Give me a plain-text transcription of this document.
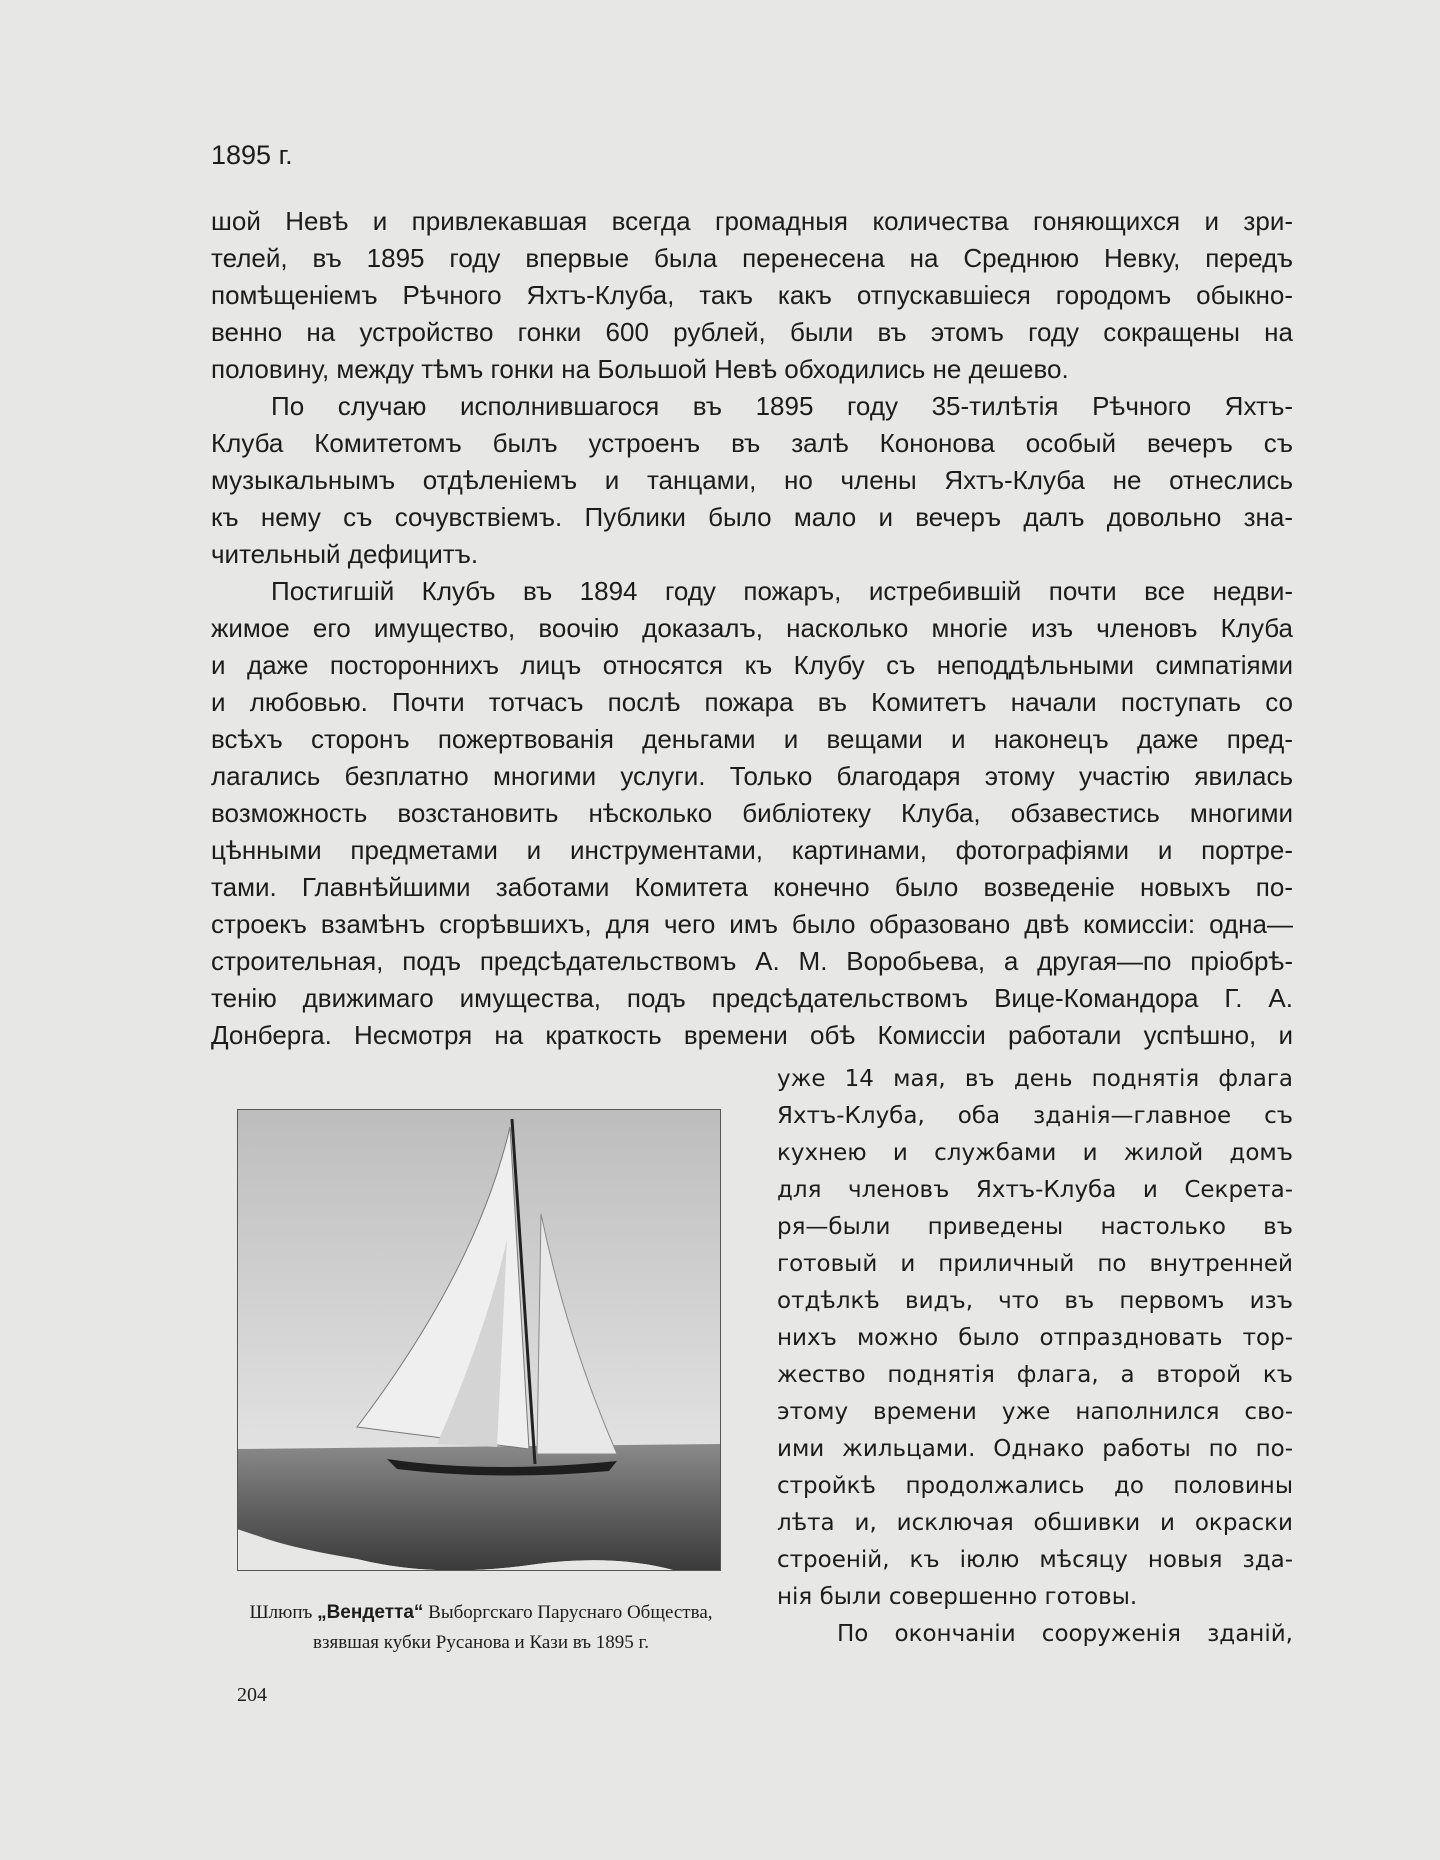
1895 г.
шой Невѣ и привлекавшая всегда громадныя количества гоняющихся и зри-
телей, въ 1895 году впервые была перенесена на Среднюю Невку, передъ
помѣщенiемъ Рѣчного Яхтъ-Клуба, такъ какъ отпускавшiеся городомъ обыкно-
венно на устройство гонки 600 рублей, были въ этомъ году сокращены на
половину, между тѣмъ гонки на Большой Невѣ обходились не дешево.
По случаю исполнившагося въ 1895 году 35-тилѣтiя Рѣчного Яхтъ-
Клуба Комитетомъ былъ устроенъ въ залѣ Кононова особый вечеръ съ
музыкальнымъ отдѣленiемъ и танцами, но члены Яхтъ-Клуба не отнеслись
къ нему съ сочувствiемъ. Публики было мало и вечеръ далъ довольно зна-
чительный дефицитъ.
Постигшiй Клубъ въ 1894 году пожаръ, истребившiй почти все недви-
жимое его имущество, воочiю доказалъ, насколько многiе изъ членовъ Клуба
и даже постороннихъ лицъ относятся къ Клубу съ неподдѣльными симпатiями
и любовью. Почти тотчасъ послѣ пожара въ Комитетъ начали поступать со
всѣхъ сторонъ пожертвованiя деньгами и вещами и наконецъ даже пред-
лагались безплатно многими услуги. Только благодаря этому участiю явилась
возможность возстановить нѣсколько библiотеку Клуба, обзавестись многими
цѣнными предметами и инструментами, картинами, фотографiями и портре-
тами. Главнѣйшими заботами Комитета конечно было возведенiе новыхъ по-
строекъ взамѣнъ сгорѣвшихъ, для чего имъ было образовано двѣ комиссiи: одна—
строительная, подъ предсѣдательствомъ А. М. Воробьева, а другая—по прiобрѣ-
тенiю движимаго имущества, подъ предсѣдательствомъ Вице-Командора Г. А.
Донберга. Несмотря на краткость времени обѣ Комиссiи работали успѣшно, и
уже 14 мая, въ день поднятiя флага
Яхтъ-Клуба, оба зданiя—главное съ
кухнею и службами и жилой домъ
для членовъ Яхтъ-Клуба и Секрета-
ря—были приведены настолько въ
готовый и приличный по внутренней
отдѣлкѣ видъ, что въ первомъ изъ
нихъ можно было отпраздновать тор-
жество поднятiя флага, а второй къ
этому времени уже наполнился сво-
ими жильцами. Однако работы по по-
стройкѣ продолжались до половины
лѣта и, исключая обшивки и окраски
строенiй, къ iюлю мѣсяцу новыя зда-
нiя были совершенно готовы.
По окончанiи сооруженiя зданiй,
Шлюпъ „Вендетта“ Выборгскаго Паруснаго Общества,
взявшая кубки Русанова и Кази въ 1895 г.
204
